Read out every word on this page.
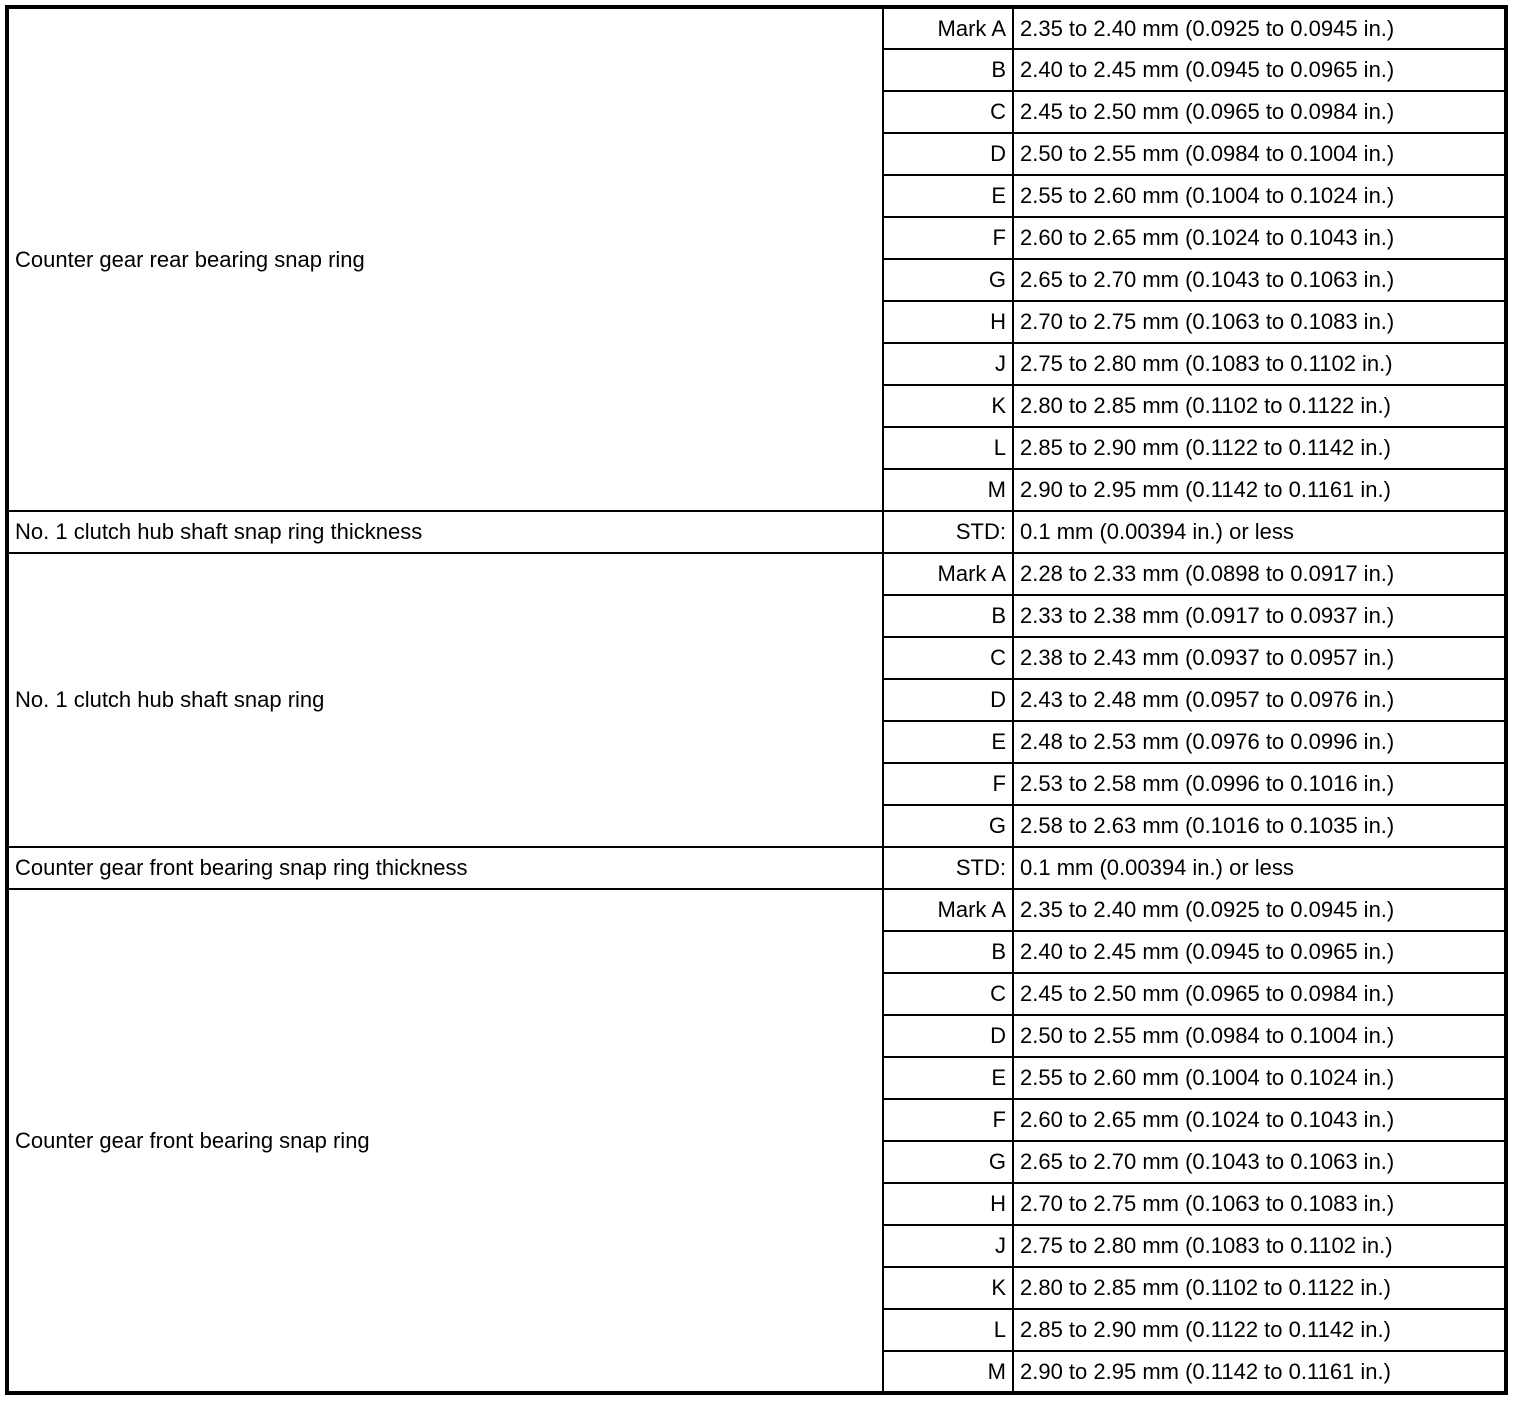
Counter gear rear bearing snap ring	Mark A	2.35 to 2.40 mm (0.0925 to 0.0945 in.)
	B	2.40 to 2.45 mm (0.0945 to 0.0965 in.)
	C	2.45 to 2.50 mm (0.0965 to 0.0984 in.)
	D	2.50 to 2.55 mm (0.0984 to 0.1004 in.)
	E	2.55 to 2.60 mm (0.1004 to 0.1024 in.)
	F	2.60 to 2.65 mm (0.1024 to 0.1043 in.)
	G	2.65 to 2.70 mm (0.1043 to 0.1063 in.)
	H	2.70 to 2.75 mm (0.1063 to 0.1083 in.)
	J	2.75 to 2.80 mm (0.1083 to 0.1102 in.)
	K	2.80 to 2.85 mm (0.1102 to 0.1122 in.)
	L	2.85 to 2.90 mm (0.1122 to 0.1142 in.)
	M	2.90 to 2.95 mm (0.1142 to 0.1161 in.)
No. 1 clutch hub shaft snap ring thickness	STD:	0.1 mm (0.00394 in.) or less
No. 1 clutch hub shaft snap ring	Mark A	2.28 to 2.33 mm (0.0898 to 0.0917 in.)
	B	2.33 to 2.38 mm (0.0917 to 0.0937 in.)
	C	2.38 to 2.43 mm (0.0937 to 0.0957 in.)
	D	2.43 to 2.48 mm (0.0957 to 0.0976 in.)
	E	2.48 to 2.53 mm (0.0976 to 0.0996 in.)
	F	2.53 to 2.58 mm (0.0996 to 0.1016 in.)
	G	2.58 to 2.63 mm (0.1016 to 0.1035 in.)
Counter gear front bearing snap ring thickness	STD:	0.1 mm (0.00394 in.) or less
Counter gear front bearing snap ring	Mark A	2.35 to 2.40 mm (0.0925 to 0.0945 in.)
	B	2.40 to 2.45 mm (0.0945 to 0.0965 in.)
	C	2.45 to 2.50 mm (0.0965 to 0.0984 in.)
	D	2.50 to 2.55 mm (0.0984 to 0.1004 in.)
	E	2.55 to 2.60 mm (0.1004 to 0.1024 in.)
	F	2.60 to 2.65 mm (0.1024 to 0.1043 in.)
	G	2.65 to 2.70 mm (0.1043 to 0.1063 in.)
	H	2.70 to 2.75 mm (0.1063 to 0.1083 in.)
	J	2.75 to 2.80 mm (0.1083 to 0.1102 in.)
	K	2.80 to 2.85 mm (0.1102 to 0.1122 in.)
	L	2.85 to 2.90 mm (0.1122 to 0.1142 in.)
	M	2.90 to 2.95 mm (0.1142 to 0.1161 in.)
